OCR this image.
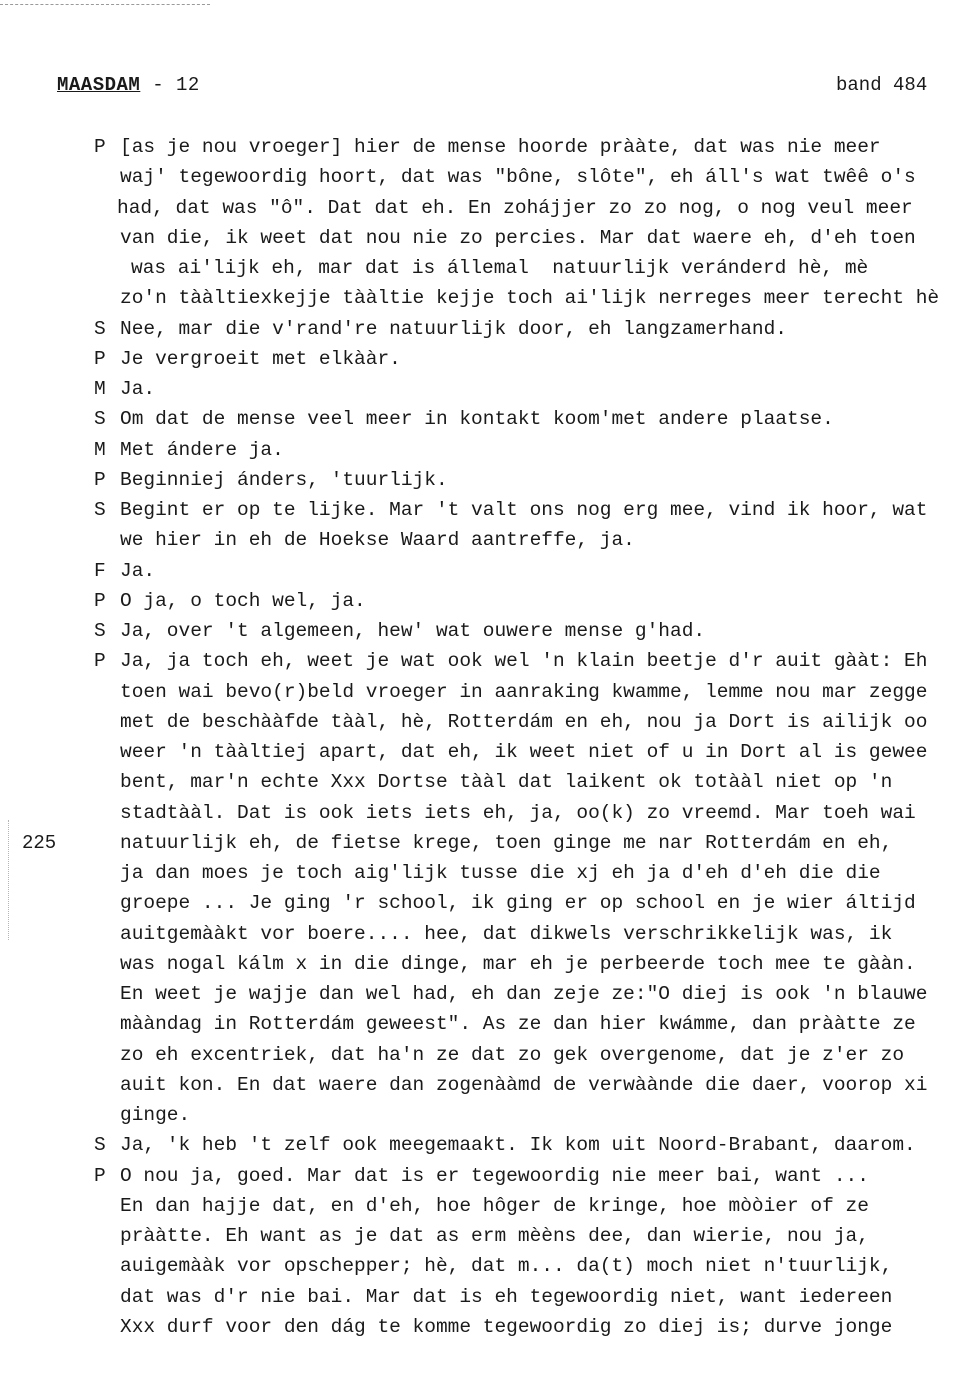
MAASDAM - 12	band 484
225
P [as je nou vroeger] hier de mense hoorde prààte, dat was nie meer
waj' tegewoordig hoort, dat was "bône, slôte", eh áll's wat twêê o's
had, dat was "ô". Dat dat eh. En zohájjer zo zo nog, o nog veul meer
van die, ik weet dat nou nie zo percies. Mar dat waere eh, d'eh toen
was ai'lijk eh, mar dat is állemal  natuurlijk veránderd hè, mè
zo'n tààltiexkejje tààltie kejje toch ai'lijk nerreges meer terecht hè
S Nee, mar die v'rand're natuurlijk door, eh langzamerhand.
P Je vergroeit met elkààr.
M Ja.
S Om dat de mense veel meer in kontakt koom'met andere plaatse.
M Met ándere ja.
P Beginniej ánders, 'tuurlijk.
S Begint er op te lijke. Mar 't valt ons nog erg mee, vind ik hoor, wat
we hier in eh de Hoekse Waard aantreffe, ja.
F Ja.
P O ja, o toch wel, ja.
S Ja, over 't algemeen, hew' wat ouwere mense g'had.
P Ja, ja toch eh, weet je wat ook wel 'n klain beetje d'r auit gààt: Eh
toen wai bevo(r)beld vroeger in aanraking kwamme, lemme nou mar zegge
met de beschààfde tààl, hè, Rotterdám en eh, nou ja Dort is ailijk oo
weer 'n tààltiej apart, dat eh, ik weet niet of u in Dort al is gewee
bent, mar'n echte Xxx Dortse tààl dat laikent ok totààl niet op 'n
stadtààl. Dat is ook iets iets eh, ja, oo(k) zo vreemd. Mar toeh wai
natuurlijk eh, de fietse krege, toen ginge me nar Rotterdám en eh,
ja dan moes je toch aig'lijk tusse die xj eh ja d'eh d'eh die die
groepe ... Je ging 'r school, ik ging er op school en je wier áltijd
auitgemààkt vor boere.... hee, dat dikwels verschrikkelijk was, ik
was nogal kálm x in die dinge, mar eh je perbeerde toch mee te gààn.
En weet je wajje dan wel had, eh dan zeje ze:"O diej is ook 'n blauwe
mààndag in Rotterdám geweest". As ze dan hier kwámme, dan prààtte ze
zo eh excentriek, dat ha'n ze dat zo gek overgenome, dat je z'er zo
auit kon. En dat waere dan zogenààmd de verwàànde die daer, voorop xi
ginge.
S Ja, 'k heb 't zelf ook meegemaakt. Ik kom uit Noord-Brabant, daarom.
P O nou ja, goed. Mar dat is er tegewoordig nie meer bai, want ...
En dan hajje dat, en d'eh, hoe hôger de kringe, hoe mòòier of ze
prààtte. Eh want as je dat as erm mèèns dee, dan wierie, nou ja,
auigemààk vor opschepper; hè, dat m... da(t) moch niet n'tuurlijk,
dat was d'r nie bai. Mar dat is eh tegewoordig niet, want iedereen
Xxx durf voor den dág te komme tegewoordig zo diej is; durve jonge
